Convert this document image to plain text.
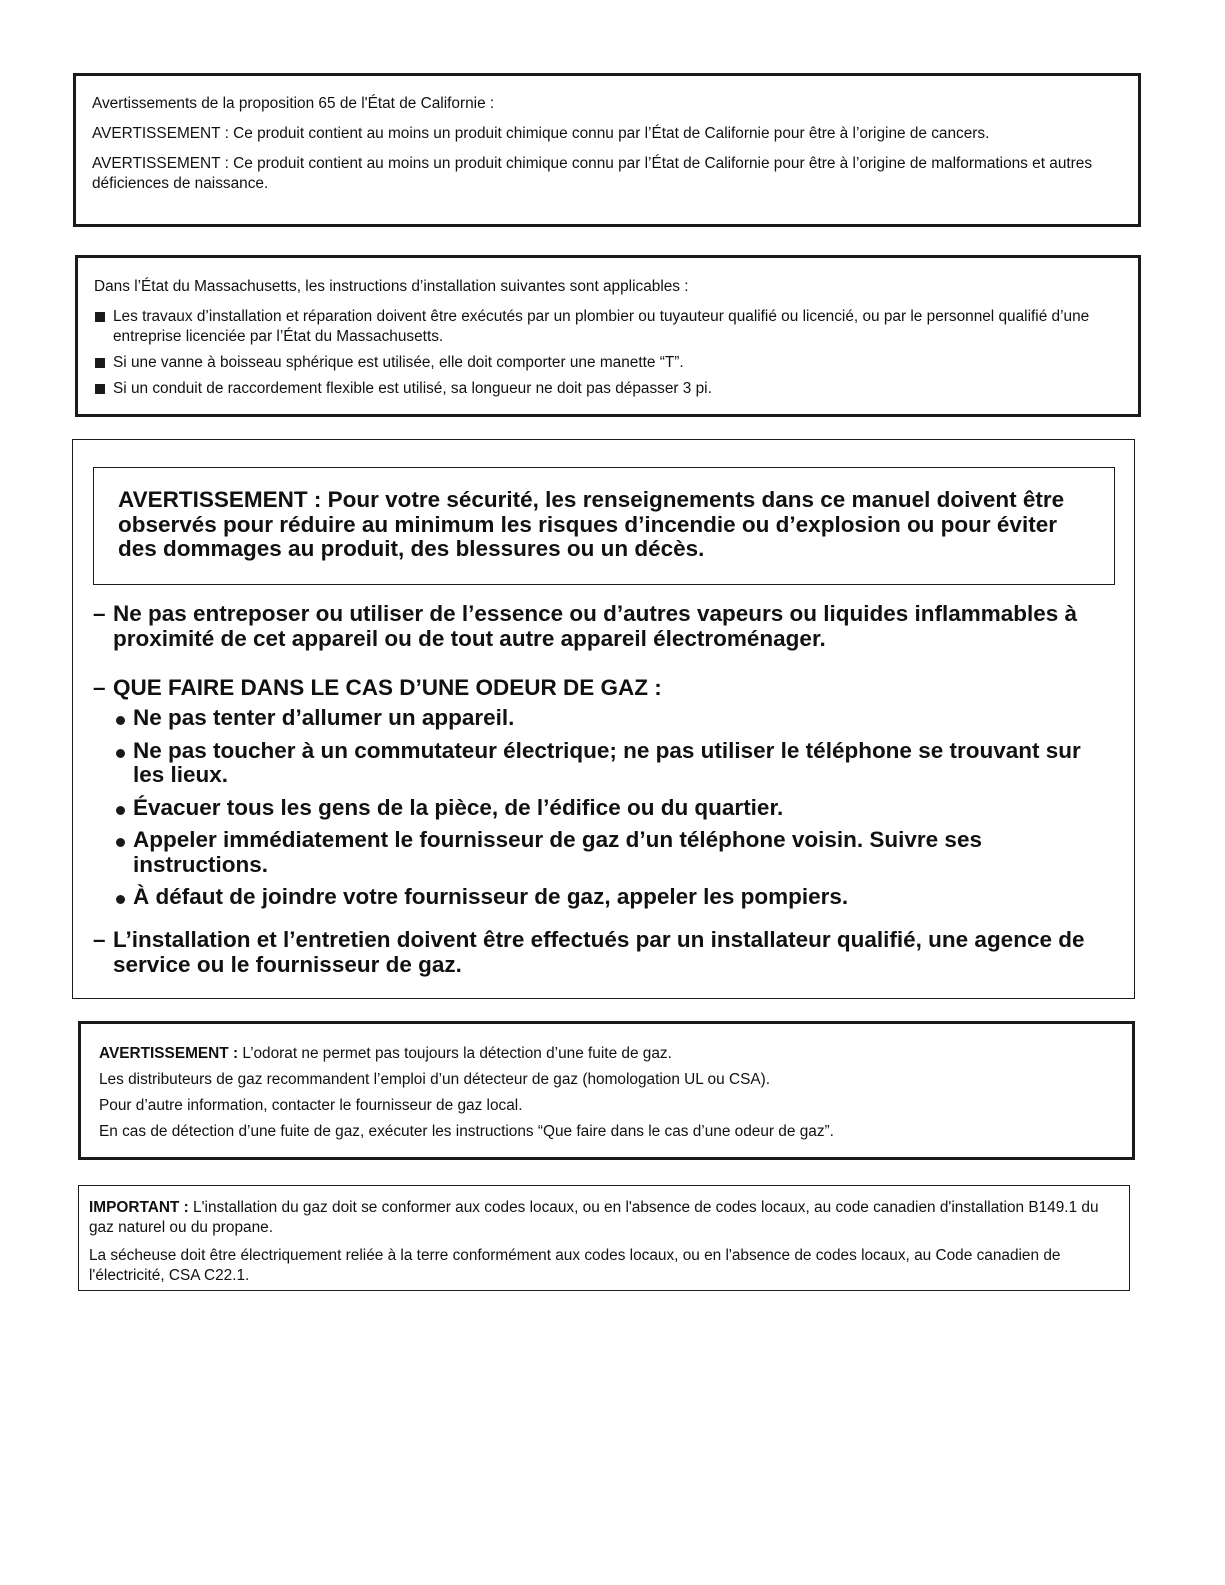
Avertissements de la proposition 65 de l'État de Californie :

AVERTISSEMENT : Ce produit contient au moins un produit chimique connu par l’État de Californie pour être à l’origine de cancers.

AVERTISSEMENT : Ce produit contient au moins un produit chimique connu par l’État de Californie pour être à l’origine de malformations et autres déficiences de naissance.

Dans l’État du Massachusetts, les instructions d’installation suivantes sont applicables :

Les travaux d’installation et réparation doivent être exécutés par un plombier ou tuyauteur qualifié ou licencié, ou par le personnel qualifié d’une entreprise licenciée par l’État du Massachusetts.
Si une vanne à boisseau sphérique est utilisée, elle doit comporter une manette “T”.
Si un conduit de raccordement flexible est utilisé, sa longueur ne doit pas dépasser 3 pi.
AVERTISSEMENT : Pour votre sécurité, les renseignements dans ce manuel doivent être observés pour réduire au minimum les risques d’incendie ou d’explosion ou pour éviter des dommages au produit, des blessures ou un décès.
– Ne pas entreposer ou utiliser de l’essence ou d’autres vapeurs ou liquides inflammables à proximité de cet appareil ou de tout autre appareil électroménager.
– QUE FAIRE DANS LE CAS D’UNE ODEUR DE GAZ :
Ne pas tenter d’allumer un appareil.
Ne pas toucher à un commutateur électrique; ne pas utiliser le téléphone se trouvant sur les lieux.
Évacuer tous les gens de la pièce, de l’édifice ou du quartier.
Appeler immédiatement le fournisseur de gaz d’un téléphone voisin. Suivre ses instructions.
À défaut de joindre votre fournisseur de gaz, appeler les pompiers.
– L’installation et l’entretien doivent être effectués par un installateur qualifié, une agence de service ou le fournisseur de gaz.

AVERTISSEMENT : L’odorat ne permet pas toujours la détection d’une fuite de gaz.

Les distributeurs de gaz recommandent l’emploi d’un détecteur de gaz (homologation UL ou CSA).

Pour d’autre information, contacter le fournisseur de gaz local.

En cas de détection d’une fuite de gaz, exécuter les instructions “Que faire dans le cas d’une odeur de gaz”.

IMPORTANT : L'installation du gaz doit se conformer aux codes locaux, ou en l'absence de codes locaux, au code canadien d'installation B149.1 du gaz naturel ou du propane.

La sécheuse doit être électriquement reliée à la terre conformément aux codes locaux, ou en l'absence de codes locaux, au Code canadien de l'électricité, CSA C22.1.
